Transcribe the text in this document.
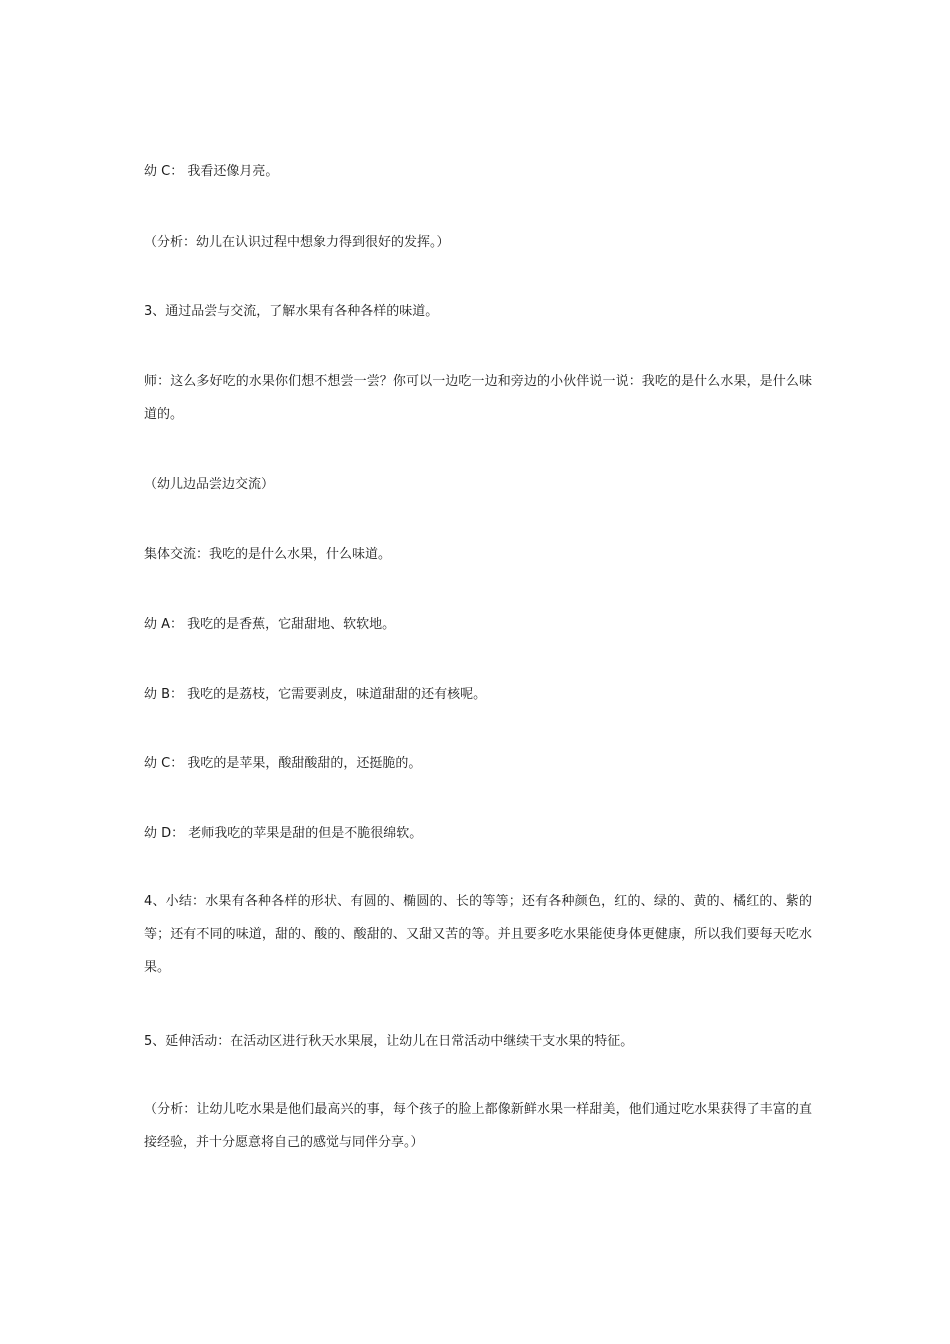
幼 C： 我看还像月亮。

（分析：幼儿在认识过程中想象力得到很好的发挥。）

3、通过品尝与交流，了解水果有各种各样的味道。

师：这么多好吃的水果你们想不想尝一尝？你可以一边吃一边和旁边的小伙伴说一说：我吃的是什么水果，是什么味道的。

（幼儿边品尝边交流）

集体交流：我吃的是什么水果，什么味道。

幼 A： 我吃的是香蕉，它甜甜地、软软地。

幼 B： 我吃的是荔枝，它需要剥皮，味道甜甜的还有核呢。

幼 C： 我吃的是苹果，酸甜酸甜的，还挺脆的。

幼 D： 老师我吃的苹果是甜的但是不脆很绵软。

4、小结：水果有各种各样的形状、有圆的、椭圆的、长的等等；还有各种颜色，红的、绿的、黄的、橘红的、紫的等；还有不同的味道，甜的、酸的、酸甜的、又甜又苦的等。并且要多吃水果能使身体更健康，所以我们要每天吃水果。

5、延伸活动：在活动区进行秋天水果展，让幼儿在日常活动中继续干支水果的特征。

（分析：让幼儿吃水果是他们最高兴的事，每个孩子的脸上都像新鲜水果一样甜美，他们通过吃水果获得了丰富的直接经验，并十分愿意将自己的感觉与同伴分享。）
